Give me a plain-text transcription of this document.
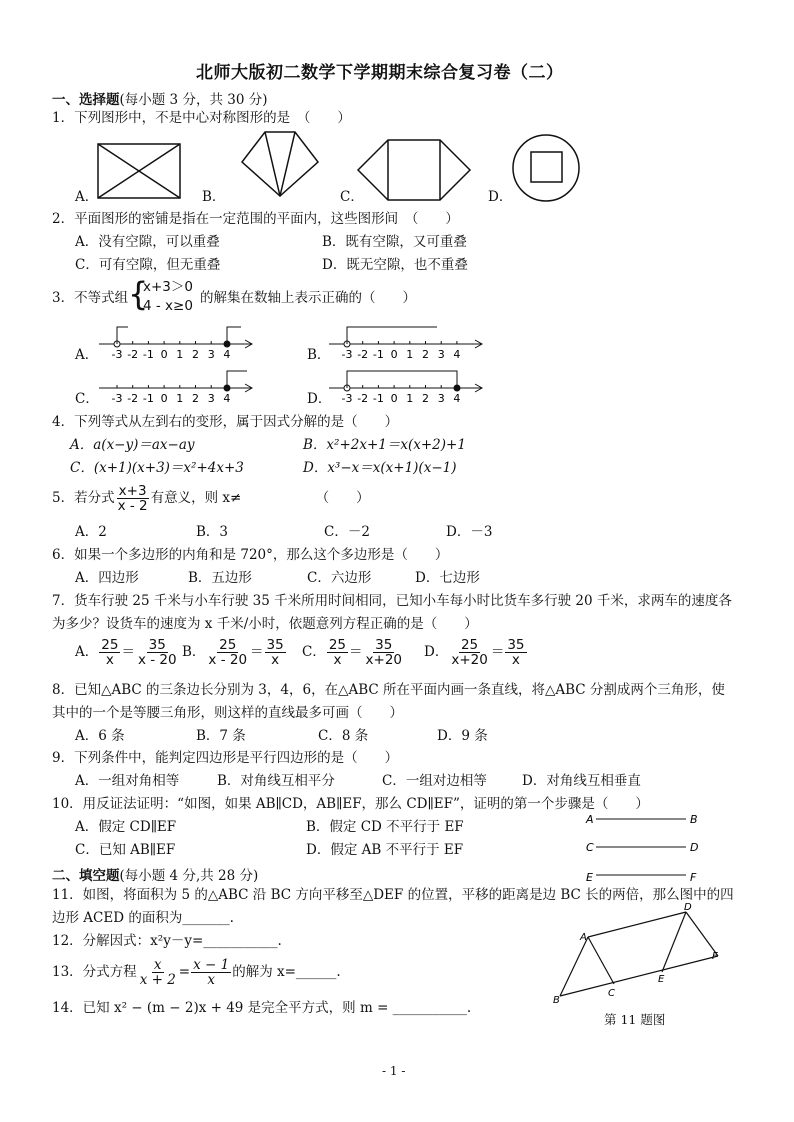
北师大版初二数学下学期期末综合复习卷（二）
一、选择题(每小题 3 分，共 30 分)
1．下列图形中，不是中心对称图形的是　（　　）
A．	B．	C．	D．
2．平面图形的密铺是指在一定范围的平面内，这些图形间　（　　）
A．没有空隙，可以重叠	B．既有空隙，又可重叠
C．可有空隙，但无重叠	D．既无空隙，也不重叠
3．不等式组 {
x+3＞0
4 - x≥0 的解集在数轴上表示正确的（　　）
A．	B．
C．	D．
-3 -2 -1 0 1 2 3 4	-3 -2 -1 0 1 2 3 4
-3 -2 -1 0 1 2 3 4	-3 -2 -1 0 1 2 3 4
4．下列等式从左到右的变形，属于因式分解的是（　　）
A．a(x−y)＝ax−ay	B．x²+2x+1＝x(x+2)+1
C．(x+1)(x+3)＝x²+4x+3	D．x³−x＝x(x+1)(x−1)
5．若分式 $\frac{x+3}{x - 2}$ 有意义，则 x≠　　　　　　（　　）
A．2	B．3	C．－2	D．－3
6．如果一个多边形的内角和是 720°，那么这个多边形是（　　）
A．四边形	B．五边形	C．六边形	D．七边形
7．货车行驶 25 千米与小车行驶 35 千米所用时间相同，已知小车每小时比货车多行驶 20 千米，求两车的速度各
为多少？设货车的速度为 x 千米/小时，依题意列方程正确的是（　　）
A． $\frac{25}{x} = \frac{35}{x - 20}$ B． $\frac{25}{x - 20} = \frac{35}{x}$ C． $\frac{25}{x} = \frac{35}{x+20}$ D． $\frac{25}{x+20} = \frac{35}{x}$
8．已知△ABC 的三条边长分别为 3，4，6，在△ABC 所在平面内画一条直线，将△ABC 分割成两个三角形，使
其中的一个是等腰三角形，则这样的直线最多可画（　　）
A．6 条	B．7 条	C．8 条	D．9 条
9．下列条件中，能判定四边形是平行四边形的是（　　）
A．一组对角相等	B．对角线互相平分	C．一组对边相等	D．对角线互相垂直
10．用反证法证明：“如图，如果 AB∥CD，AB∥EF，那么 CD∥EF”，证明的第一个步骤是（　　）
A．假定 CD∥EF	B．假定 CD 不平行于 EF
C．已知 AB∥EF	D．假定 AB 不平行于 EF
A	B
C	D
E	F
二、填空题(每小题 4 分,共 28 分)
11．如图，将面积为 5 的△ABC 沿 BC 方向平移至△DEF 的位置，平移的距离是边 BC 长的两倍，那么图中的四
边形 ACED 的面积为_______.
12．分解因式：x²y－y=___________.
13．分式方程 $\frac{x}{x + 2} = \frac{x - 1}{x}$ 的解为 x=______.
14．已知 x² − (m − 2)x + 49 是完全平方式，则 m = ___________.	B
A
C
D
E
F
第 11 题图
- 1 -
